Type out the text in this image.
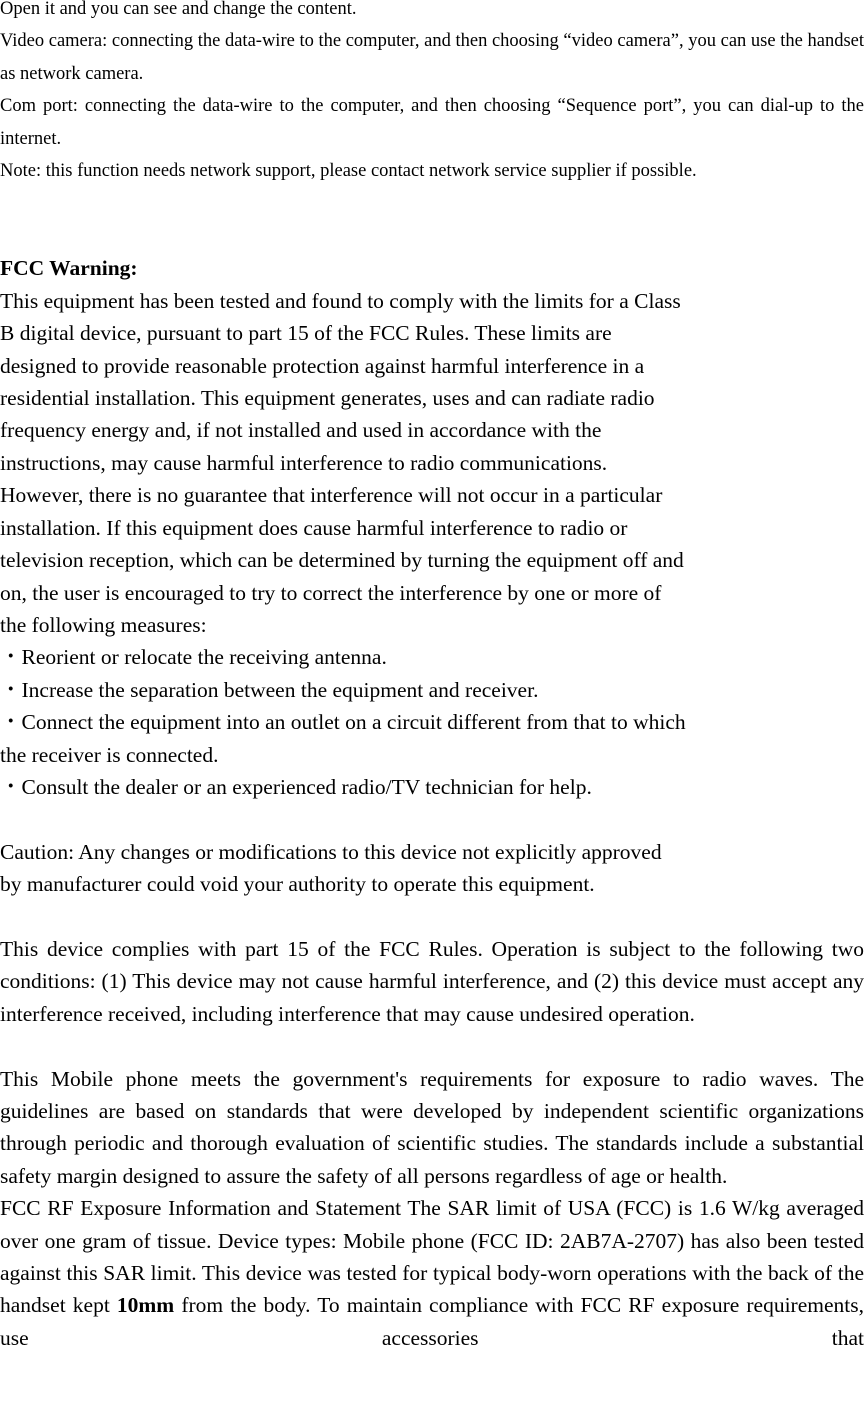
Open it and you can see and change the content.

Video camera: connecting the data-wire to the computer, and then choosing “video camera”, you can use the handset as network camera.

Com port: connecting the data-wire to the computer, and then choosing “Sequence port”, you can dial-up to the internet.

Note: this function needs network support, please contact network service supplier if possible.

FCC Warning:

This equipment has been tested and found to comply with the limits for a Class
B digital device, pursuant to part 15 of the FCC Rules. These limits are
designed to provide reasonable protection against harmful interference in a
residential installation. This equipment generates, uses and can radiate radio
frequency energy and, if not installed and used in accordance with the
instructions, may cause harmful interference to radio communications.
However, there is no guarantee that interference will not occur in a particular
installation. If this equipment does cause harmful interference to radio or
television reception, which can be determined by turning the equipment off and
on, the user is encouraged to try to correct the interference by one or more of
the following measures:
・Reorient or relocate the receiving antenna.
・Increase the separation between the equipment and receiver.
・Connect the equipment into an outlet on a circuit different from that to which
the receiver is connected.
・Consult the dealer or an experienced radio/TV technician for help.
Caution: Any changes or modifications to this device not explicitly approved
by manufacturer could void your authority to operate this equipment.

This device complies with part 15 of the FCC Rules. Operation is subject to the following two conditions: (1) This device may not cause harmful interference, and (2) this device must accept any interference received, including interference that may cause undesired operation.

This Mobile phone meets the government's requirements for exposure to radio waves. The guidelines are based on standards that were developed by independent scientific organizations through periodic and thorough evaluation of scientific studies. The standards include a substantial safety margin designed to assure the safety of all persons regardless of age or health.

FCC RF Exposure Information and Statement The SAR limit of USA (FCC) is 1.6 W/kg averaged over one gram of tissue. Device types: Mobile phone (FCC ID: 2AB7A-2707) has also been tested against this SAR limit. This device was tested for typical body-worn operations with the back of the handset kept 10mm from the body. To maintain compliance with FCC RF exposure requirements, use accessories that
